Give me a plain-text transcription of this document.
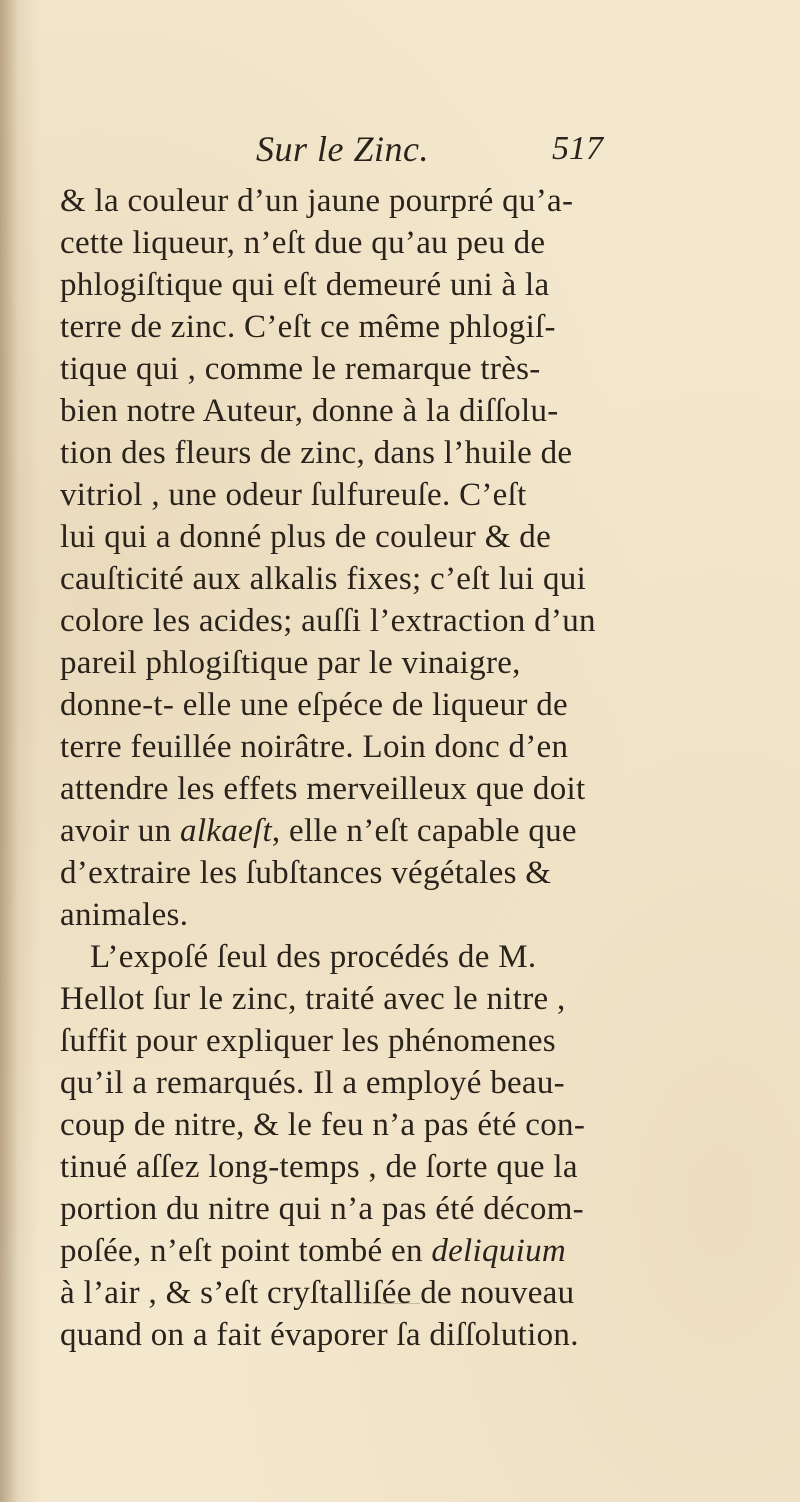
Sur le Zinc.	517
& la couleur d’un jaune pourpré qu’a-
cette liqueur, n’eſt due qu’au peu de
phlogiſtique qui eſt demeuré uni à la
terre de zinc. C’eſt ce même phlogiſ-
tique qui , comme le remarque très-
bien notre Auteur, donne à la diſſolu-
tion des fleurs de zinc, dans l’huile de
vitriol , une odeur ſulfureuſe. C’eſt
lui qui a donné plus de couleur & de
cauſticité aux alkalis fixes; c’eſt lui qui
colore les acides; auſſi l’extraction d’un
pareil phlogiſtique par le vinaigre,
donne-t- elle une eſpéce de liqueur de
terre feuillée noirâtre. Loin donc d’en
attendre les effets merveilleux que doit
avoir un alkaeſt, elle n’eſt capable que
d’extraire les ſubſtances végétales &
animales.
L’expoſé ſeul des procédés de M.
Hellot ſur le zinc, traité avec le nitre ,
ſuffit pour expliquer les phénomenes
qu’il a remarqués. Il a employé beau-
coup de nitre, & le feu n’a pas été con-
tinué aſſez long-temps , de ſorte que la
portion du nitre qui n’a pas été décom-
poſée, n’eſt point tombé en deliquium
à l’air , & s’eſt cryſtalliſée de nouveau
quand on a fait évaporer ſa diſſolution.
